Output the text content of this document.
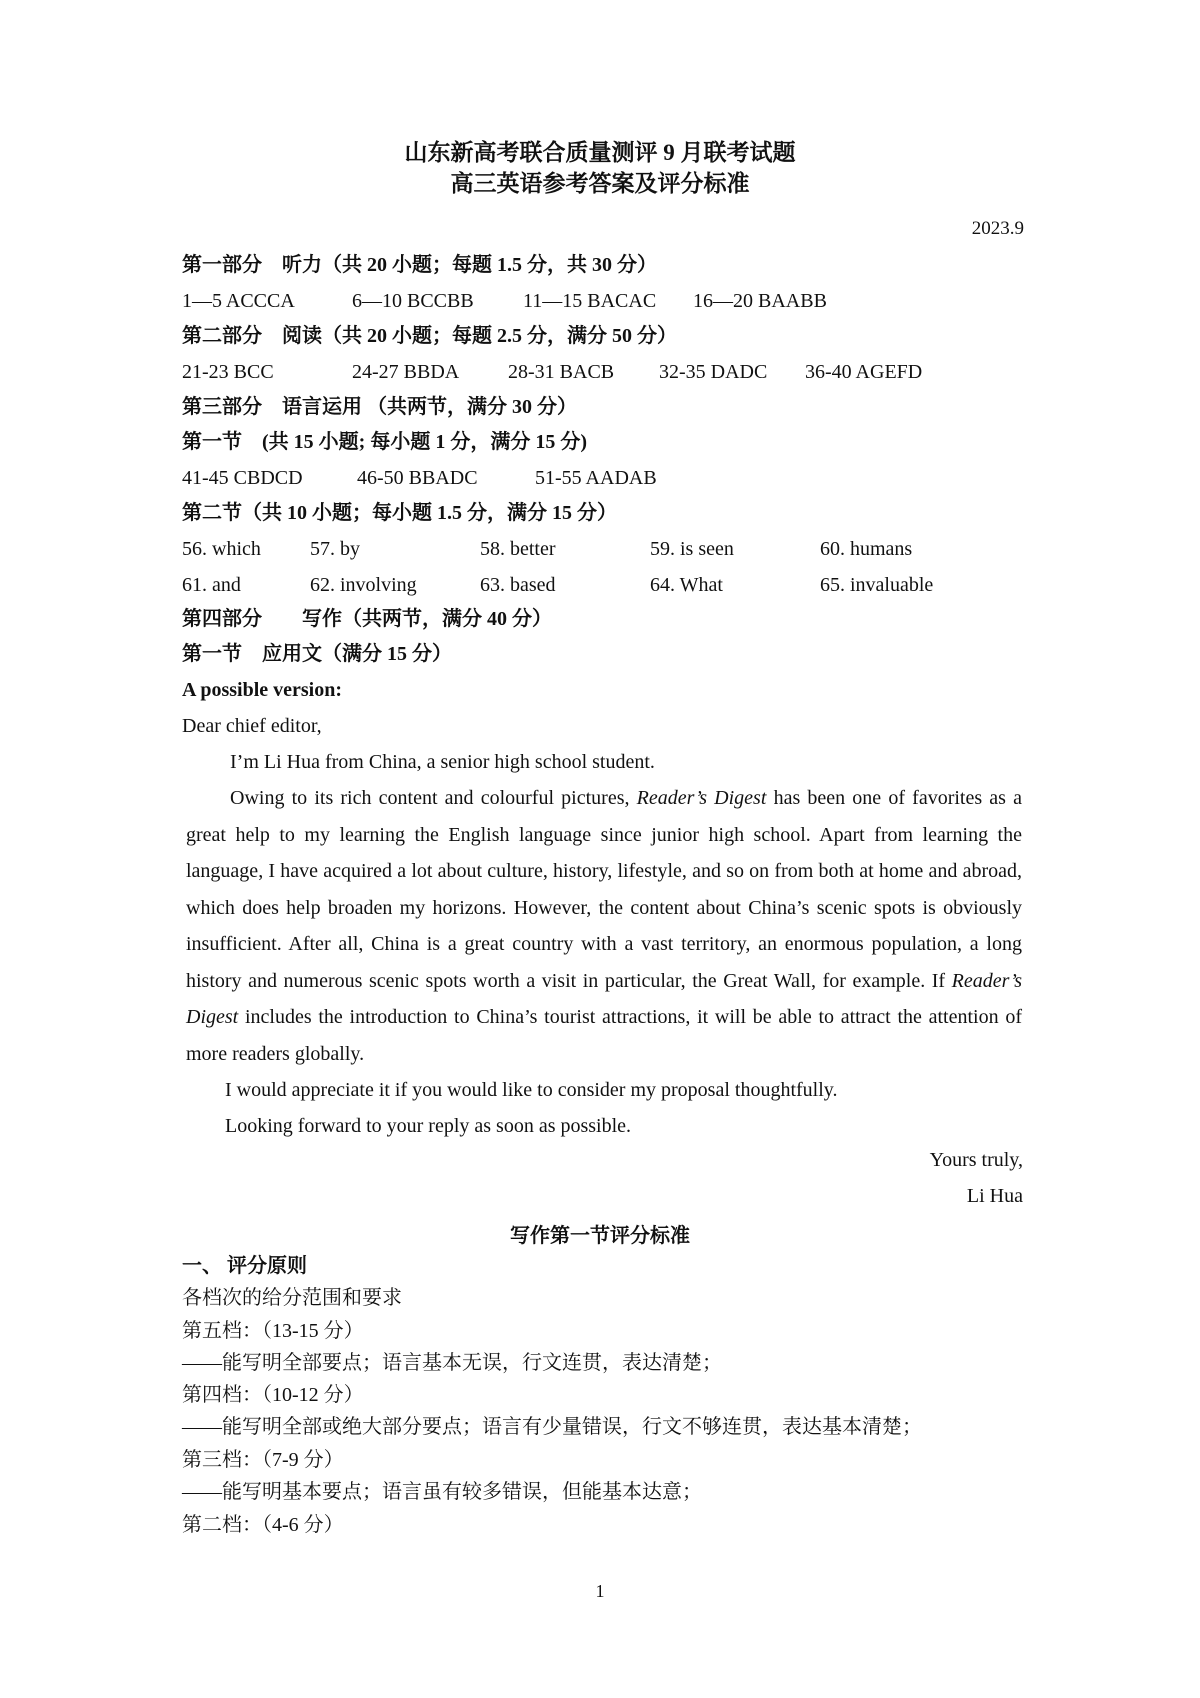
山东新高考联合质量测评 9 月联考试题
高三英语参考答案及评分标准
2023.9
第一部分　听力（共 20 小题；每题 1.5 分，共 30 分）
1—5 ACCCA	6—10 BCCBB 11—15 BACAC 16—20 BAABB
第二部分　阅读（共 20 小题；每题 2.5 分，满分 50 分）
21-23 BCC	24-27 BBDA 28-31 BACB 32-35 DADC 36-40 AGEFD
第三部分　语言运用 （共两节，满分 30 分）
第一节　(共 15 小题; 每小题 1 分，满分 15 分)
41-45 CBDCD	46-50 BBADC	51-55 AADAB
第二节（共 10 小题；每小题 1.5 分，满分 15 分）
56. which 57. by	58. better	59. is seen	60. humans
61. and	62. involving	63. based	64. What	65. invaluable
第四部分　　写作（共两节，满分 40 分）
第一节　应用文（满分 15 分）
A possible version:
Dear chief editor,
I’m Li Hua from China, a senior high school student.
Owing to its rich content and colourful pictures, Reader’s Digest has been one of favorites as a great help to my learning the English language since junior high school. Apart from learning the language, I have acquired a lot about culture, history, lifestyle, and so on from both at home and abroad, which does help broaden my horizons. However, the content about China’s scenic spots is obviously insufficient. After all, China is a great country with a vast territory, an enormous population, a long history and numerous scenic spots worth a visit in particular, the Great Wall, for example. If Reader’s Digest includes the introduction to China’s tourist attractions, it will be able to attract the attention of more readers globally.
I would appreciate it if you would like to consider my proposal thoughtfully.
Looking forward to your reply as soon as possible.
Yours truly,
Li Hua
写作第一节评分标准
一、 评分原则
各档次的给分范围和要求
第五档：（13-15 分）
——能写明全部要点；语言基本无误，行文连贯，表达清楚；
第四档：（10-12 分）
——能写明全部或绝大部分要点；语言有少量错误，行文不够连贯，表达基本清楚；
第三档：（7-9 分）
——能写明基本要点；语言虽有较多错误，但能基本达意；
第二档：（4-6 分）
1
